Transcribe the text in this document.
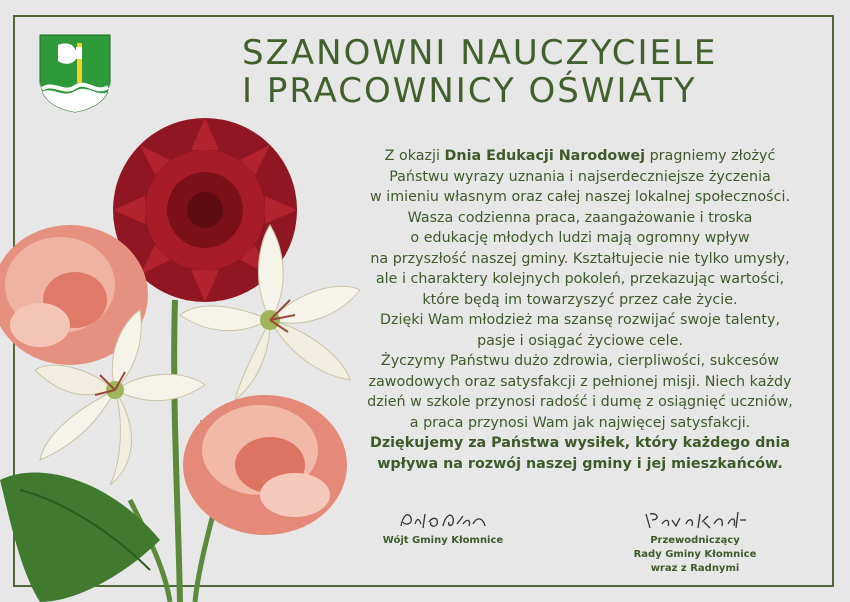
SZANOWNI NAUCZYCIELE
I PRACOWNICY OŚWIATY

Z okazji Dnia Edukacji Narodowej pragniemy złożyć

Państwu wyrazy uznania i najserdeczniejsze życzenia

w imieniu własnym oraz całej naszej lokalnej społeczności.

Wasza codzienna praca, zaangażowanie i troska

o edukację młodych ludzi mają ogromny wpływ

na przyszłość naszej gminy. Kształtujecie nie tylko umysły,

ale i charaktery kolejnych pokoleń, przekazując wartości,

które będą im towarzyszyć przez całe życie.

Dzięki Wam młodzież ma szansę rozwijać swoje talenty,

pasje i osiągać życiowe cele.

Życzymy Państwu dużo zdrowia, cierpliwości, sukcesów

zawodowych oraz satysfakcji z pełnionej misji. Niech każdy

dzień w szkole przynosi radość i dumę z osiągnięć uczniów,

a praca przynosi Wam jak najwięcej satysfakcji.

Dziękujemy za Państwa wysiłek, który każdego dnia

wpływa na rozwój naszej gminy i jej mieszkańców.

Wójt Gminy Kłomnice	Przewodniczący
Rady Gminy Kłomnice
wraz z Radnymi
